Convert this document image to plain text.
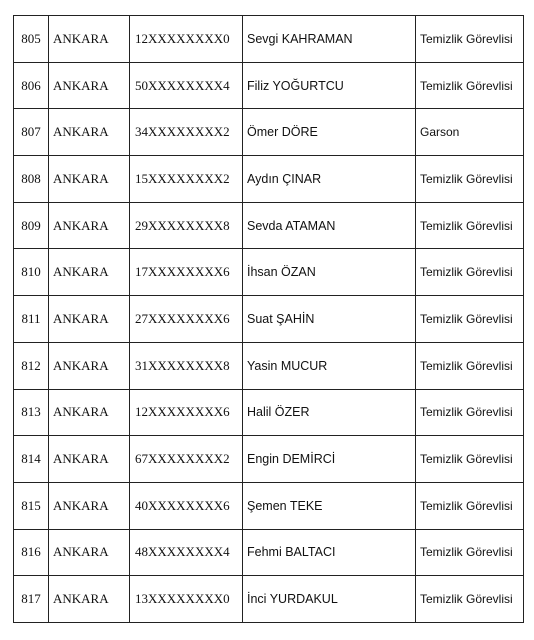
805	ANKARA	12XXXXXXXX0	Sevgi KAHRAMAN	Temizlik Görevlisi
806	ANKARA	50XXXXXXXX4	Filiz YOĞURTCU	Temizlik Görevlisi
807	ANKARA	34XXXXXXXX2	Ömer DÖRE	Garson
808	ANKARA	15XXXXXXXX2	Aydın ÇINAR	Temizlik Görevlisi
809	ANKARA	29XXXXXXXX8	Sevda ATAMAN	Temizlik Görevlisi
810	ANKARA	17XXXXXXXX6	İhsan ÖZAN	Temizlik Görevlisi
811	ANKARA	27XXXXXXXX6	Suat ŞAHİN	Temizlik Görevlisi
812	ANKARA	31XXXXXXXX8	Yasin MUCUR	Temizlik Görevlisi
813	ANKARA	12XXXXXXXX6	Halil ÖZER	Temizlik Görevlisi
814	ANKARA	67XXXXXXXX2	Engin DEMİRCİ	Temizlik Görevlisi
815	ANKARA	40XXXXXXXX6	Şemen TEKE	Temizlik Görevlisi
816	ANKARA	48XXXXXXXX4	Fehmi BALTACI	Temizlik Görevlisi
817	ANKARA	13XXXXXXXX0	İnci YURDAKUL	Temizlik Görevlisi
